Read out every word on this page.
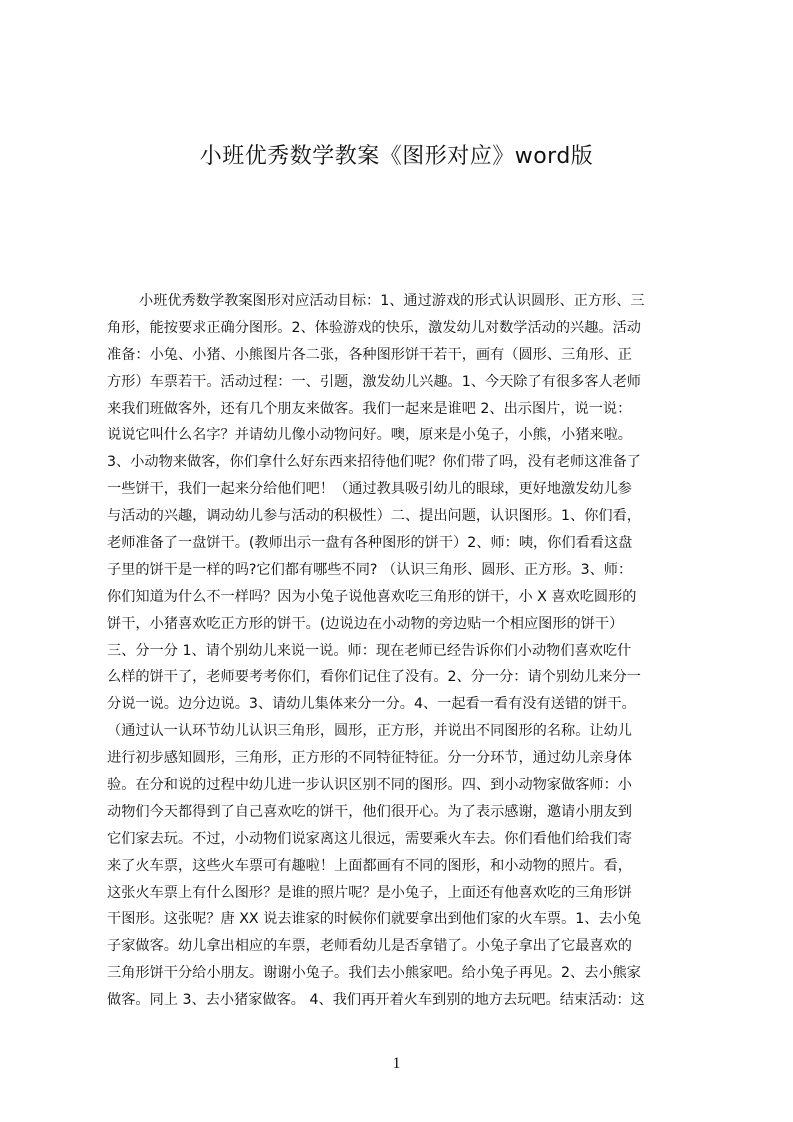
小班优秀数学教案《图形对应》word版
小班优秀数学教案图形对应活动目标：1、通过游戏的形式认识圆形、正方形、三
角形，能按要求正确分图形。2、体验游戏的快乐，激发幼儿对数学活动的兴趣。活动
准备：小兔、小猪、小熊图片各二张，各种图形饼干若干，画有（圆形、三角形、正
方形）车票若干。活动过程：一、引题，激发幼儿兴趣。1、今天除了有很多客人老师
来我们班做客外，还有几个朋友来做客。我们一起来是谁吧 2、出示图片，说一说：
说说它叫什么名字？并请幼儿像小动物问好。噢，原来是小兔子，小熊，小猪来啦。
3、小动物来做客，你们拿什么好东西来招待他们呢？你们带了吗，没有老师这准备了
一些饼干，我们一起来分给他们吧！（通过教具吸引幼儿的眼球，更好地激发幼儿参
与活动的兴趣，调动幼儿参与活动的积极性）二、提出问题，认识图形。1、你们看，
老师准备了一盘饼干。(教师出示一盘有各种图形的饼干）2、师：咦，你们看看这盘
子里的饼干是一样的吗?它们都有哪些不同? （认识三角形、圆形、正方形。3、师：
你们知道为什么不一样吗？因为小兔子说他喜欢吃三角形的饼干，小 X 喜欢吃圆形的
饼干，小猪喜欢吃正方形的饼干。(边说边在小动物的旁边贴一个相应图形的饼干）
三、分一分 1、请个别幼儿来说一说。师：现在老师已经告诉你们小动物们喜欢吃什
么样的饼干了，老师要考考你们，看你们记住了没有。2、分一分：请个别幼儿来分一
分说一说。边分边说。3、请幼儿集体来分一分。4、一起看一看有没有送错的饼干。
（通过认一认环节幼儿认识三角形，圆形，正方形，并说出不同图形的名称。让幼儿
进行初步感知圆形，三角形，正方形的不同特征特征。分一分环节，通过幼儿亲身体
验。在分和说的过程中幼儿进一步认识区别不同的图形。四、到小动物家做客师：小
动物们今天都得到了自己喜欢吃的饼干，他们很开心。为了表示感谢，邀请小朋友到
它们家去玩。不过，小动物们说家离这儿很远，需要乘火车去。你们看他们给我们寄
来了火车票，这些火车票可有趣啦！上面都画有不同的图形，和小动物的照片。看，
这张火车票上有什么图形？是谁的照片呢？是小兔子，上面还有他喜欢吃的三角形饼
干图形。这张呢？唐 XX 说去谁家的时候你们就要拿出到他们家的火车票。1、去小兔
子家做客。幼儿拿出相应的车票，老师看幼儿是否拿错了。小兔子拿出了它最喜欢的
三角形饼干分给小朋友。谢谢小兔子。我们去小熊家吧。给小兔子再见。2、去小熊家
做客。同上 3、去小猪家做客。 4、我们再开着火车到别的地方去玩吧。结束活动：这
1
